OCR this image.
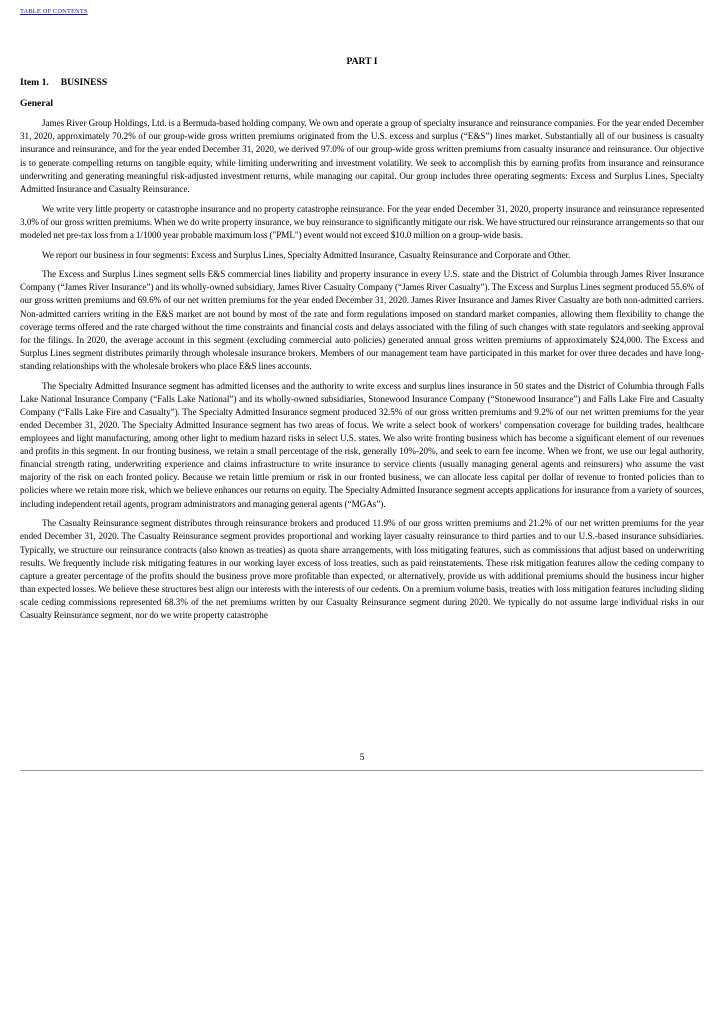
TABLE OF CONTENTS
PART I
Item 1. BUSINESS
General

James River Group Holdings, Ltd. is a Bermuda-based holding company. We own and operate a group of specialty insurance and reinsurance companies. For the year ended December 31, 2020, approximately 70.2% of our group-wide gross written premiums originated from the U.S. excess and surplus (“E&S”) lines market. Substantially all of our business is casualty insurance and reinsurance, and for the year ended December 31, 2020, we derived 97.0% of our group-wide gross written premiums from casualty insurance and reinsurance. Our objective is to generate compelling returns on tangible equity, while limiting underwriting and investment volatility. We seek to accomplish this by earning profits from insurance and reinsurance underwriting and generating meaningful risk-adjusted investment returns, while managing our capital. Our group includes three operating segments: Excess and Surplus Lines, Specialty Admitted Insurance and Casualty Reinsurance.

We write very little property or catastrophe insurance and no property catastrophe reinsurance. For the year ended December 31, 2020, property insurance and reinsurance represented 3.0% of our gross written premiums. When we do write property insurance, we buy reinsurance to significantly mitigate our risk. We have structured our reinsurance arrangements so that our modeled net pre-tax loss from a 1/1000 year probable maximum loss ("PML") event would not exceed $10.0 million on a group-wide basis.

We report our business in four segments: Excess and Surplus Lines, Specialty Admitted Insurance, Casualty Reinsurance and Corporate and Other.

The Excess and Surplus Lines segment sells E&S commercial lines liability and property insurance in every U.S. state and the District of Columbia through James River Insurance Company (“James River Insurance”) and its wholly-owned subsidiary, James River Casualty Company (“James River Casualty”). The Excess and Surplus Lines segment produced 55.6% of our gross written premiums and 69.6% of our net written premiums for the year ended December 31, 2020. James River Insurance and James River Casualty are both non-admitted carriers. Non-admitted carriers writing in the E&S market are not bound by most of the rate and form regulations imposed on standard market companies, allowing them flexibility to change the coverage terms offered and the rate charged without the time constraints and financial costs and delays associated with the filing of such changes with state regulators and seeking approval for the filings. In 2020, the average account in this segment (excluding commercial auto policies) generated annual gross written premiums of approximately $24,000. The Excess and Surplus Lines segment distributes primarily through wholesale insurance brokers. Members of our management team have participated in this market for over three decades and have long-standing relationships with the wholesale brokers who place E&S lines accounts.

The Specialty Admitted Insurance segment has admitted licenses and the authority to write excess and surplus lines insurance in 50 states and the District of Columbia through Falls Lake National Insurance Company (“Falls Lake National”) and its wholly-owned subsidiaries, Stonewood Insurance Company (“Stonewood Insurance”) and Falls Lake Fire and Casualty Company (“Falls Lake Fire and Casualty”). The Specialty Admitted Insurance segment produced 32.5% of our gross written premiums and 9.2% of our net written premiums for the year ended December 31, 2020. The Specialty Admitted Insurance segment has two areas of focus. We write a select book of workers’ compensation coverage for building trades, healthcare employees and light manufacturing, among other light to medium hazard risks in select U.S. states. We also write fronting business which has become a significant element of our revenues and profits in this segment. In our fronting business, we retain a small percentage of the risk, generally 10%-20%, and seek to earn fee income. When we front, we use our legal authority, financial strength rating, underwriting experience and claims infrastructure to write insurance to service clients (usually managing general agents and reinsurers) who assume the vast majority of the risk on each fronted policy. Because we retain little premium or risk in our fronted business, we can allocate less capital per dollar of revenue to fronted policies than to policies where we retain more risk, which we believe enhances our returns on equity. The Specialty Admitted Insurance segment accepts applications for insurance from a variety of sources, including independent retail agents, program administrators and managing general agents (“MGAs”).

The Casualty Reinsurance segment distributes through reinsurance brokers and produced 11.9% of our gross written premiums and 21.2% of our net written premiums for the year ended December 31, 2020. The Casualty Reinsurance segment provides proportional and working layer casualty reinsurance to third parties and to our U.S.-based insurance subsidiaries. Typically, we structure our reinsurance contracts (also known as treaties) as quota share arrangements, with loss mitigating features, such as commissions that adjust based on underwriting results. We frequently include risk mitigating features in our working layer excess of loss treaties, such as paid reinstatements. These risk mitigation features allow the ceding company to capture a greater percentage of the profits should the business prove more profitable than expected, or alternatively, provide us with additional premiums should the business incur higher than expected losses. We believe these structures best align our interests with the interests of our cedents. On a premium volume basis, treaties with loss mitigation features including sliding scale ceding commissions represented 68.3% of the net premiums written by our Casualty Reinsurance segment during 2020. We typically do not assume large individual risks in our Casualty Reinsurance segment, nor do we write property catastrophe

5
